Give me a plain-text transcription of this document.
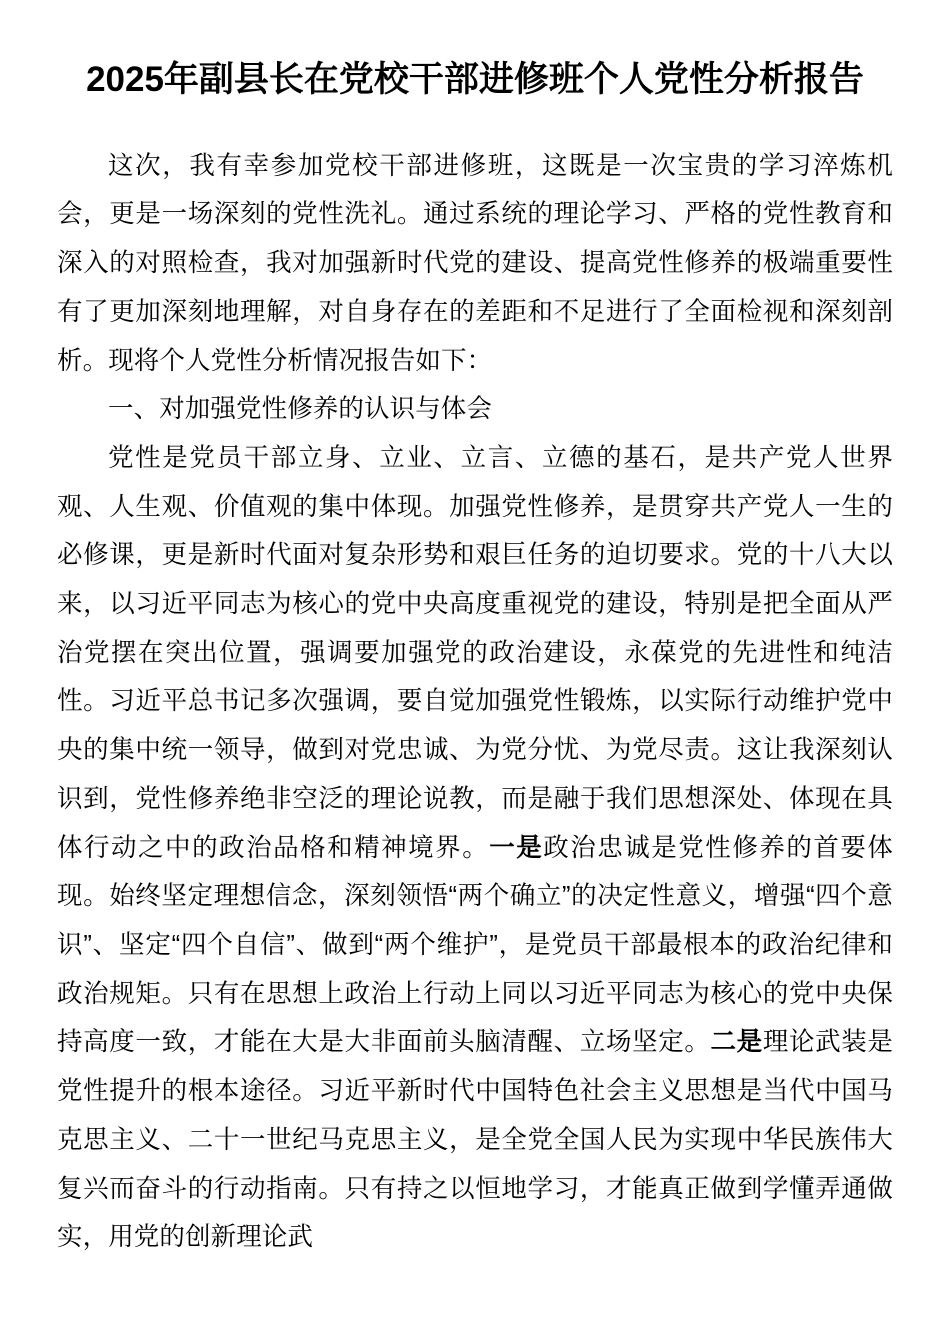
2025年副县长在党校干部进修班个人党性分析报告

这次，我有幸参加党校干部进修班，这既是一次宝贵的学习淬炼机会，更是一场深刻的党性洗礼。通过系统的理论学习、严格的党性教育和深入的对照检查，我对加强新时代党的建设、提高党性修养的极端重要性有了更加深刻地理解，对自身存在的差距和不足进行了全面检视和深刻剖析。现将个人党性分析情况报告如下：

一、对加强党性修养的认识与体会

党性是党员干部立身、立业、立言、立德的基石，是共产党人世界观、人生观、价值观的集中体现。加强党性修养，是贯穿共产党人一生的必修课，更是新时代面对复杂形势和艰巨任务的迫切要求。党的十八大以来，以习近平同志为核心的党中央高度重视党的建设，特别是把全面从严治党摆在突出位置，强调要加强党的政治建设，永葆党的先进性和纯洁性。习近平总书记多次强调，要自觉加强党性锻炼，以实际行动维护党中央的集中统一领导，做到对党忠诚、为党分忧、为党尽责。这让我深刻认识到，党性修养绝非空泛的理论说教，而是融于我们思想深处、体现在具体行动之中的政治品格和精神境界。一是政治忠诚是党性修养的首要体现。始终坚定理想信念，深刻领悟“两个确立”的决定性意义，增强“四个意识”、坚定“四个自信”、做到“两个维护”，是党员干部最根本的政治纪律和政治规矩。只有在思想上政治上行动上同以习近平同志为核心的党中央保持高度一致，才能在大是大非面前头脑清醒、立场坚定。二是理论武装是党性提升的根本途径。习近平新时代中国特色社会主义思想是当代中国马克思主义、二十一世纪马克思主义，是全党全国人民为实现中华民族伟大复兴而奋斗的行动指南。只有持之以恒地学习，才能真正做到学懂弄通做实，用党的创新理论武
